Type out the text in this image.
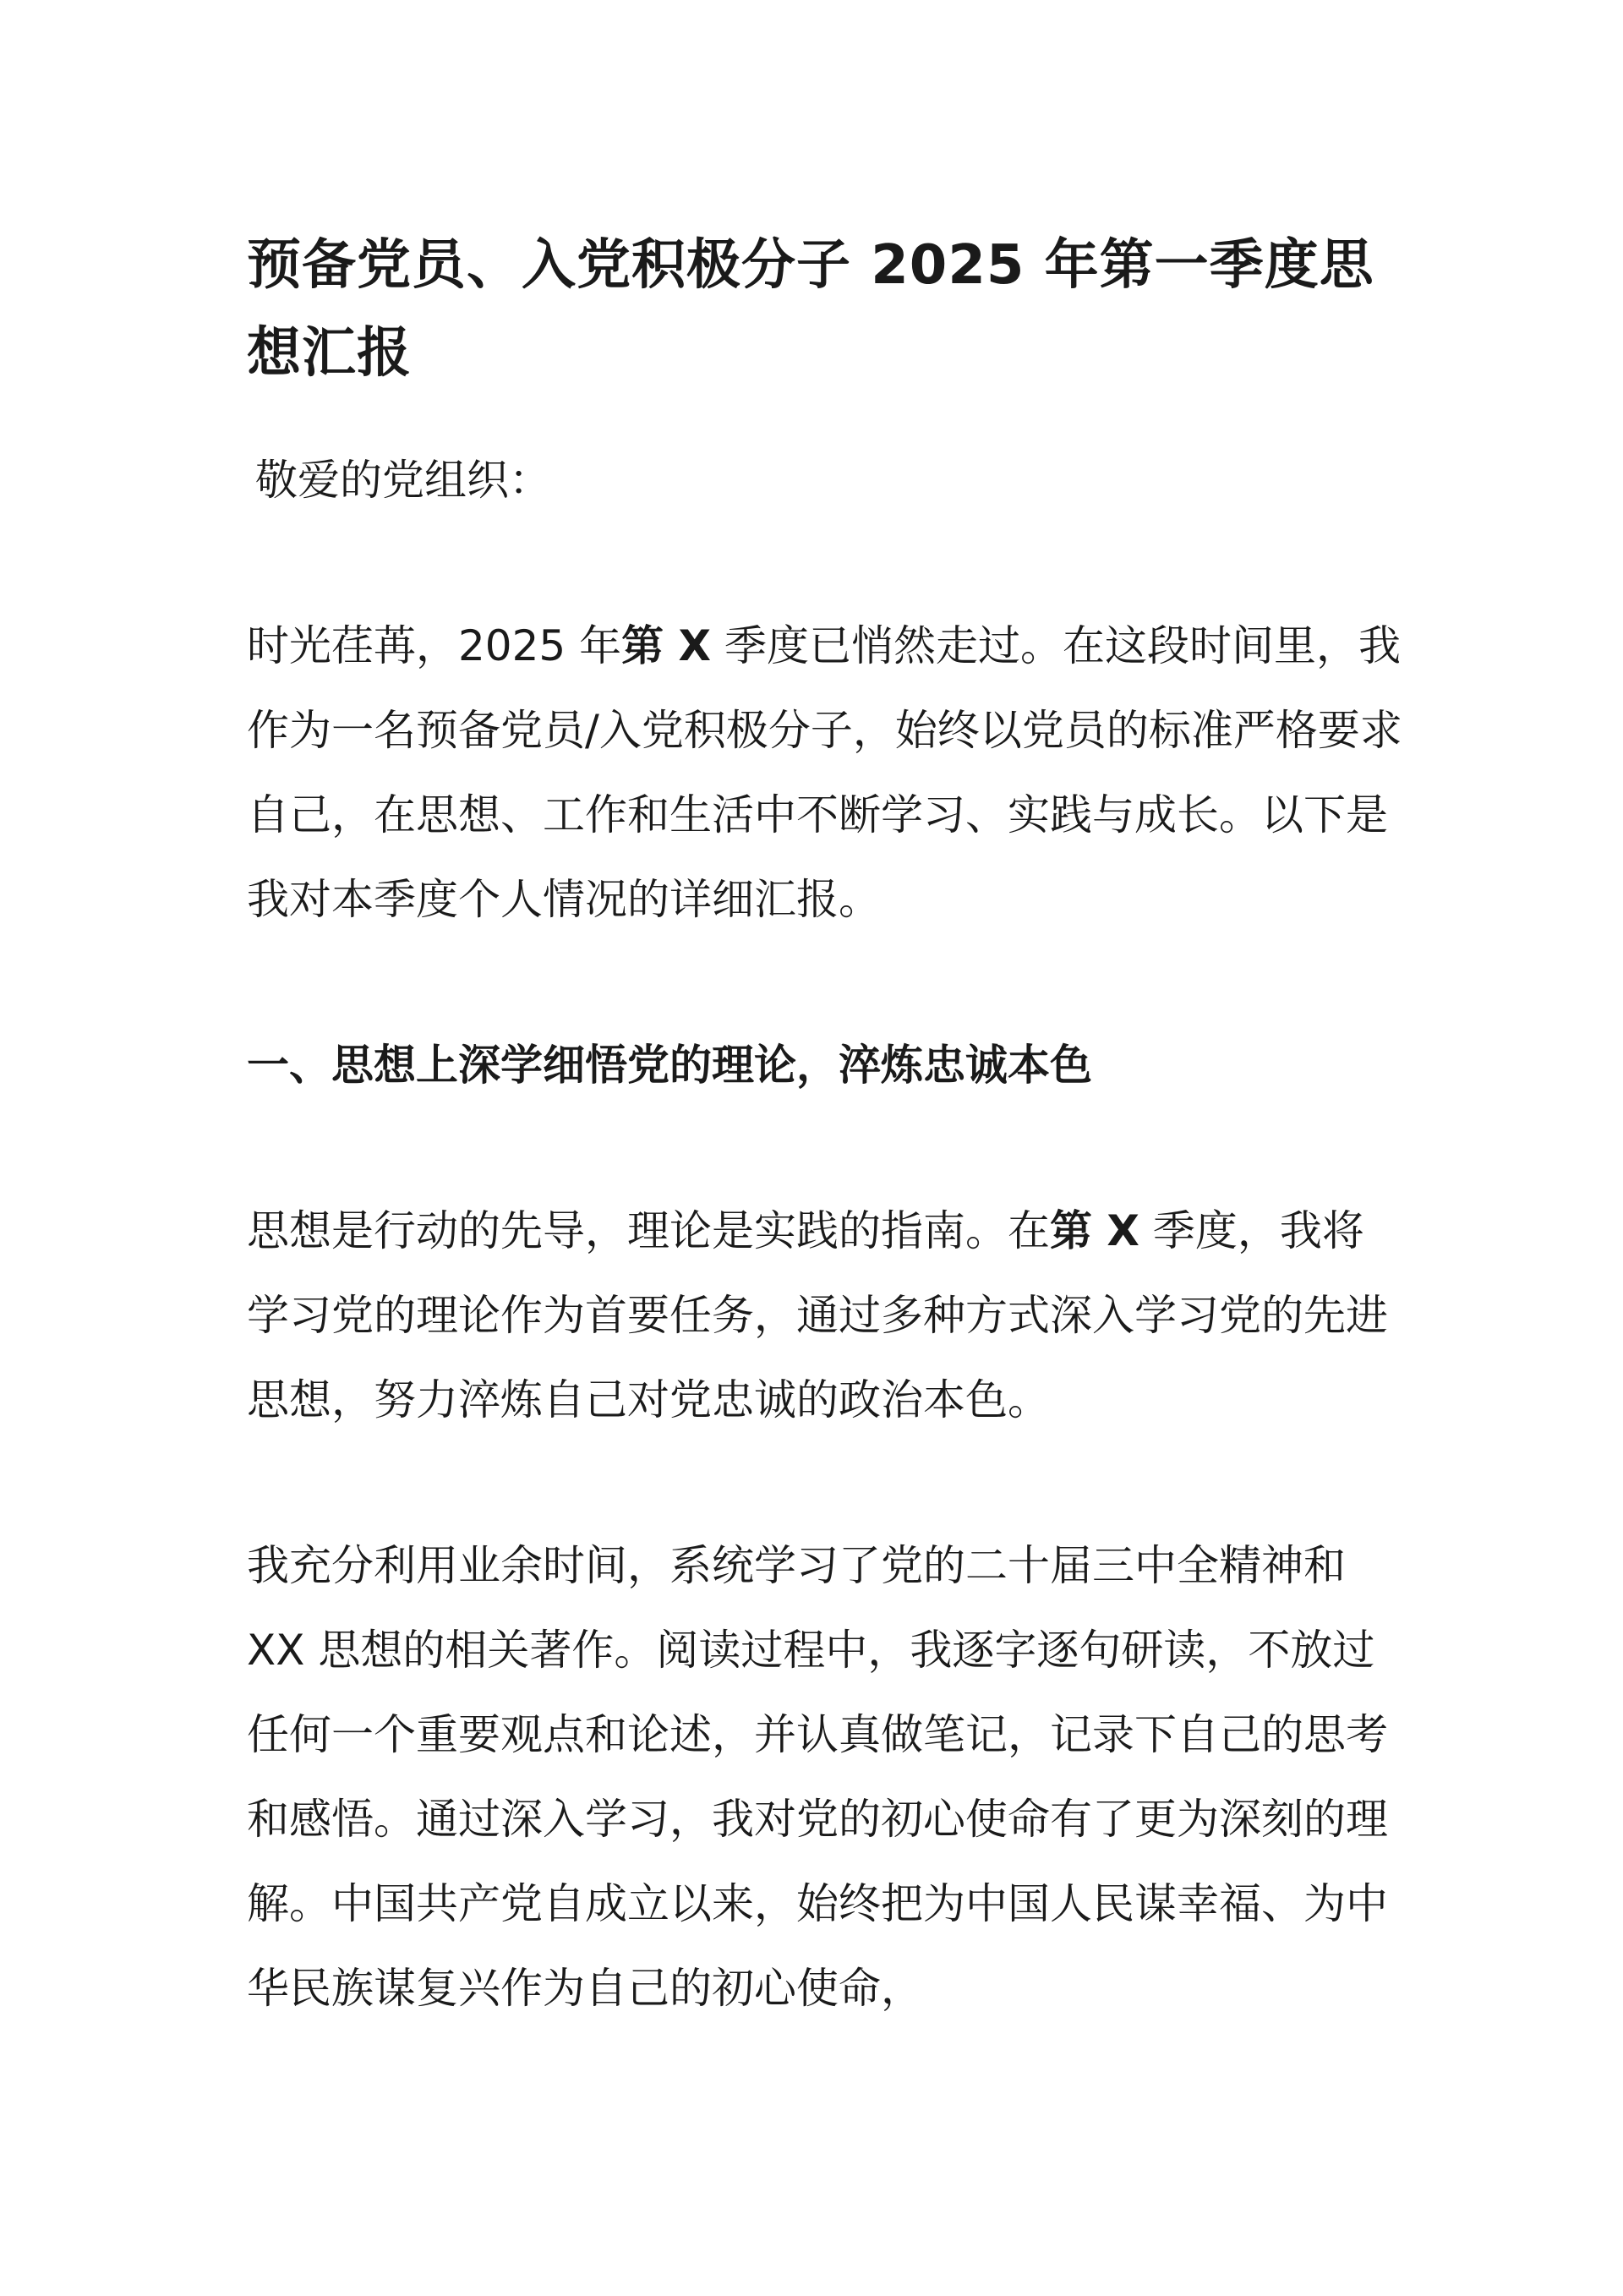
预备党员、入党积极分子 2025 年第一季度思想汇报

敬爱的党组织：

时光荏苒，2025 年第 X 季度已悄然走过。在这段时间里，我作为一名预备党员/入党积极分子，始终以党员的标准严格要求自己，在思想、工作和生活中不断学习、实践与成长。以下是我对本季度个人情况的详细汇报。

一、思想上深学细悟党的理论，淬炼忠诚本色

思想是行动的先导，理论是实践的指南。在第 X 季度，我将学习党的理论作为首要任务，通过多种方式深入学习党的先进思想，努力淬炼自己对党忠诚的政治本色。

我充分利用业余时间，系统学习了党的二十届三中全精神和 XX 思想的相关著作。阅读过程中，我逐字逐句研读，不放过任何一个重要观点和论述，并认真做笔记，记录下自己的思考和感悟。通过深入学习，我对党的初心使命有了更为深刻的理解。中国共产党自成立以来，始终把为中国人民谋幸福、为中华民族谋复兴作为自己的初心使命，
